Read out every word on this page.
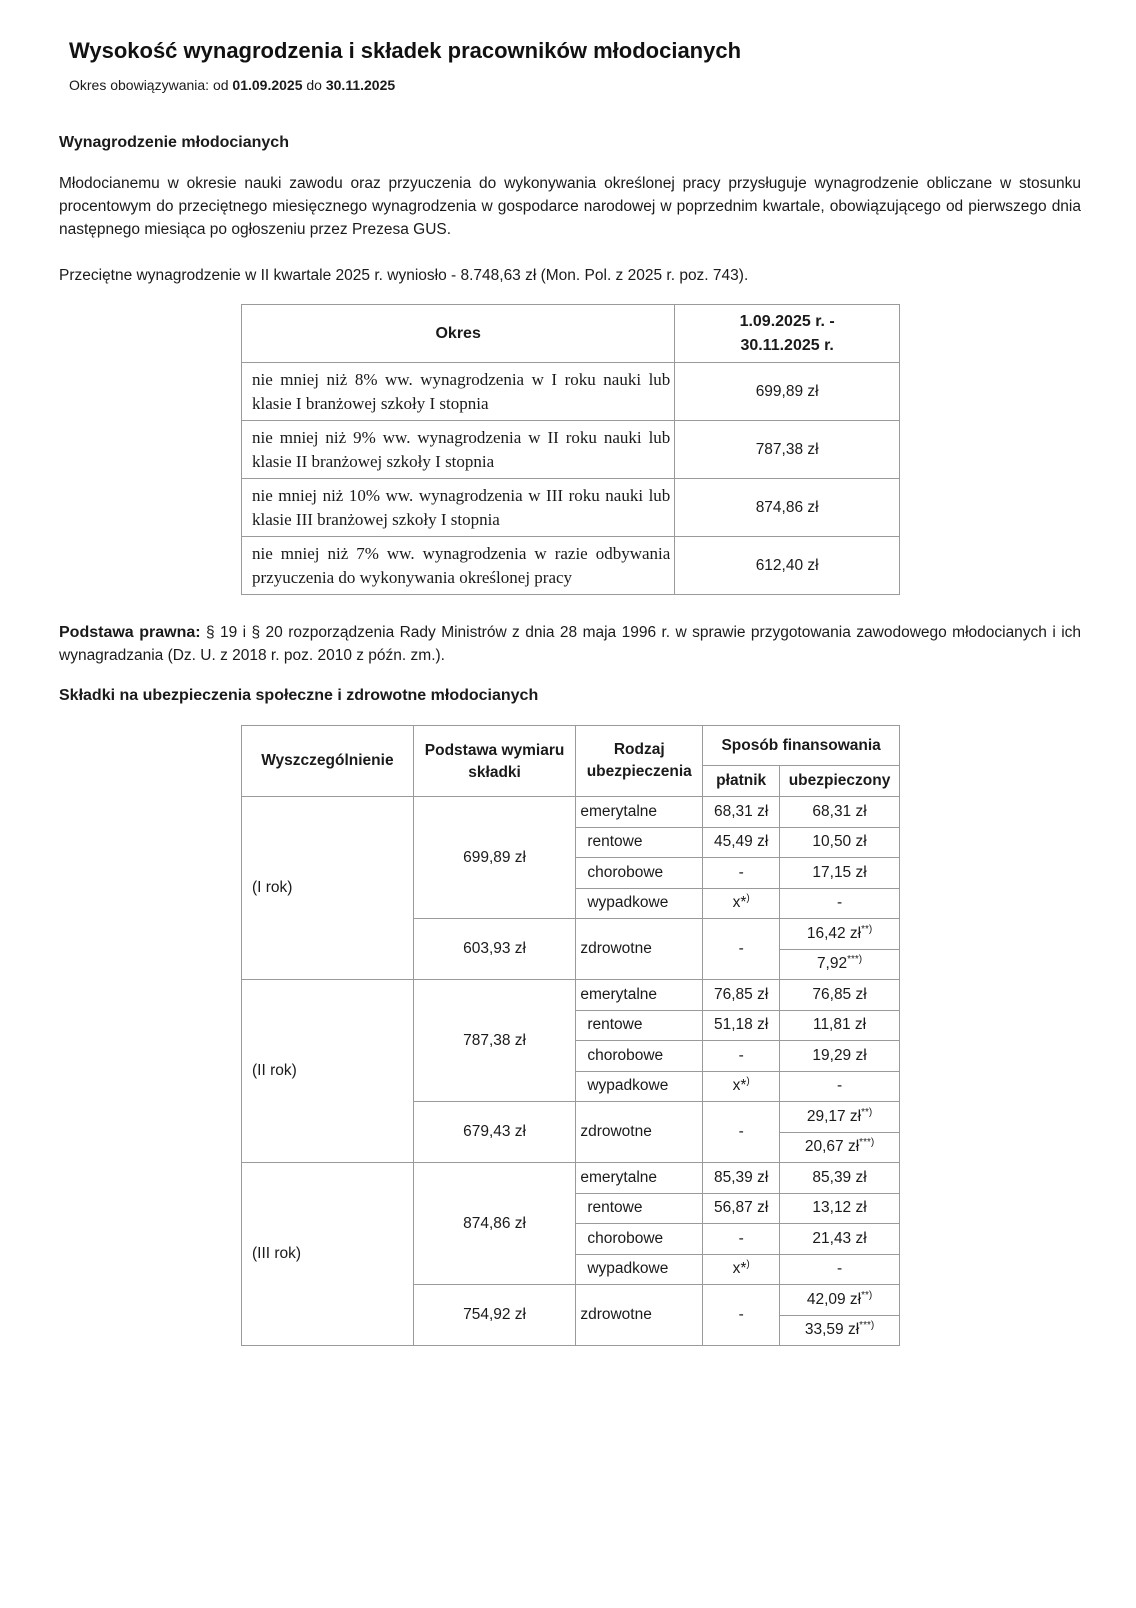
Wysokość wynagrodzenia i składek pracowników młodocianych
Okres obowiązywania: od 01.09.2025 do 30.11.2025
Wynagrodzenie młodocianych

Młodocianemu w okresie nauki zawodu oraz przyuczenia do wykonywania określonej pracy przysługuje wynagrodzenie obliczane w stosunku procentowym do przeciętnego miesięcznego wynagrodzenia w gospodarce narodowej w poprzednim kwartale, obowiązującego od pierwszego dnia następnego miesiąca po ogłoszeniu przez Prezesa GUS.

Przeciętne wynagrodzenie w II kwartale 2025 r. wyniosło - 8.748,63 zł (Mon. Pol. z 2025 r. poz. 743).

Okres	1.09.2025 r. -
30.11.2025 r.

nie mniej niż 8% ww. wynagrodzenia w I roku nauki lub klasie I branżowej szkoły I stopnia	699,89 zł
nie mniej niż 9% ww. wynagrodzenia w II roku nauki lub klasie II branżowej szkoły I stopnia	787,38 zł
nie mniej niż 10% ww. wynagrodzenia w III roku nauki lub klasie III branżowej szkoły I stopnia	874,86 zł
nie mniej niż 7% ww. wynagrodzenia w razie odbywania przyuczenia do wykonywania określonej pracy	612,40 zł

Podstawa prawna: § 19 i § 20 rozporządzenia Rady Ministrów z dnia 28 maja 1996 r. w sprawie przygotowania zawodowego młodocianych i ich wynagradzania (Dz. U. z 2018 r. poz. 2010 z późn. zm.).

Składki na ubezpieczenia społeczne i zdrowotne młodocianych
Wyszczególnienie	Podstawa wymiaru składki	Rodzaj ubezpieczenia	Sposób finansowania	
			płatnik	ubezpieczony
(I rok)	699,89 zł	emerytalne	68,31 zł	68,31 zł
		rentowe	45,49 zł	10,50 zł
		chorobowe	-	17,15 zł
		wypadkowe	x*)	-
	603,93 zł	zdrowotne	-	16,42 zł**)
				7,92***)
(II rok)	787,38 zł	emerytalne	76,85 zł	76,85 zł
		rentowe	51,18 zł	11,81 zł
		chorobowe	-	19,29 zł
		wypadkowe	x*)	-
	679,43 zł	zdrowotne	-	29,17 zł**)
				20,67 zł***)
(III rok)	874,86 zł	emerytalne	85,39 zł	85,39 zł
		rentowe	56,87 zł	13,12 zł
		chorobowe	-	21,43 zł
		wypadkowe	x*)	-
	754,92 zł	zdrowotne	-	42,09 zł**)
				33,59 zł***)
